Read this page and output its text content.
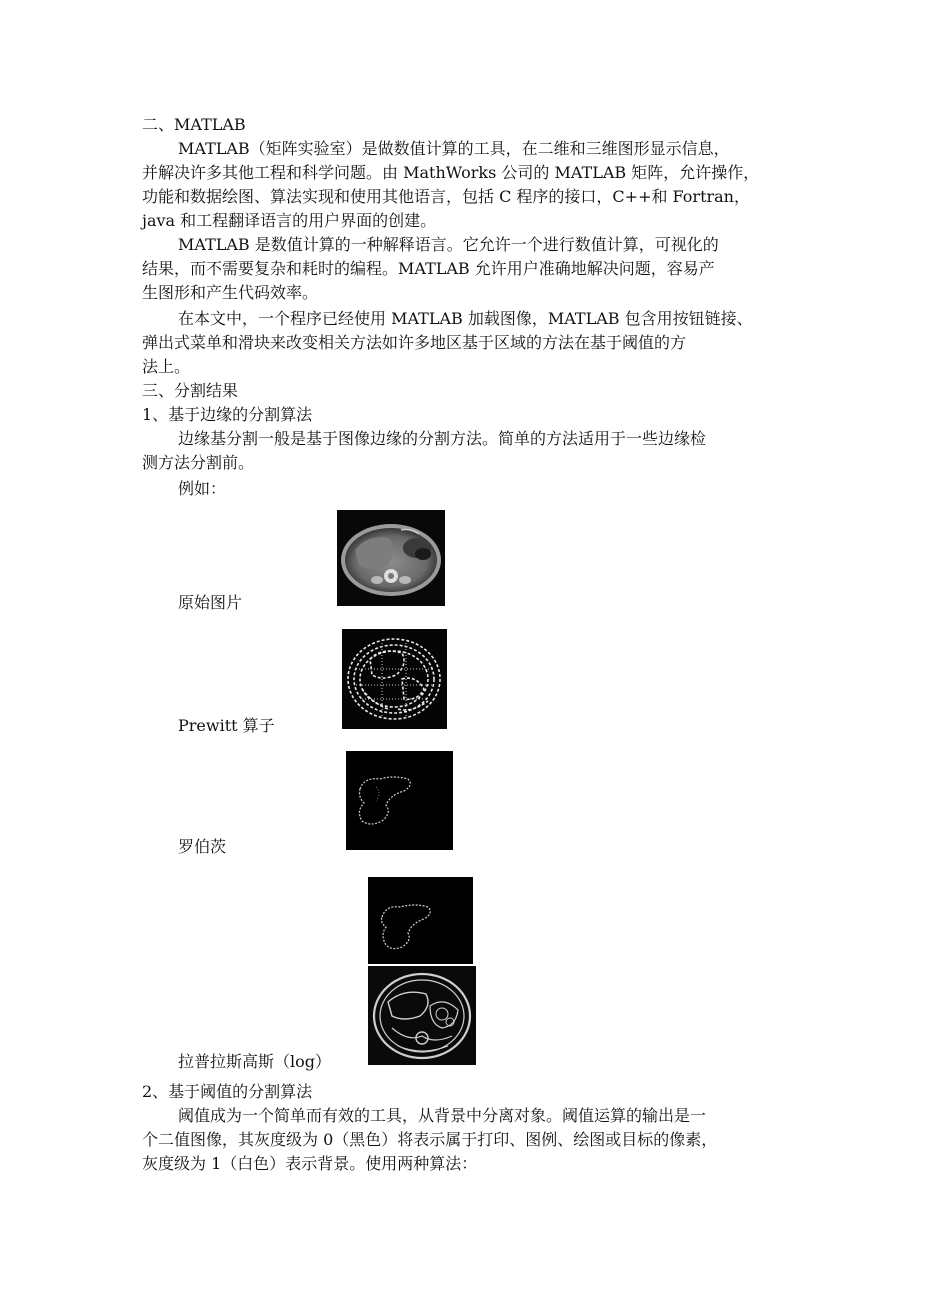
二、MATLAB
MATLAB（矩阵实验室）是做数值计算的工具，在二维和三维图形显示信息，
并解决许多其他工程和科学问题。由 MathWorks 公司的 MATLAB 矩阵，允许操作，
功能和数据绘图、算法实现和使用其他语言，包括 C 程序的接口，C++和 Fortran，
java 和工程翻译语言的用户界面的创建。
MATLAB 是数值计算的一种解释语言。它允许一个进行数值计算，可视化的
结果，而不需要复杂和耗时的编程。MATLAB 允许用户准确地解决问题，容易产
生图形和产生代码效率。
在本文中，一个程序已经使用 MATLAB 加载图像，MATLAB 包含用按钮链接、
弹出式菜单和滑块来改变相关方法如许多地区基于区域的方法在基于阈值的方
法上。
三、分割结果
1、基于边缘的分割算法
边缘基分割一般是基于图像边缘的分割方法。简单的方法适用于一些边缘检
测方法分割前。
例如：
原始图片
Prewitt 算子
罗伯茨
拉普拉斯高斯（log）
2、基于阈值的分割算法
阈值成为一个简单而有效的工具，从背景中分离对象。阈值运算的输出是一
个二值图像，其灰度级为 0（黑色）将表示属于打印、图例、绘图或目标的像素，
灰度级为 1（白色）表示背景。使用两种算法：
